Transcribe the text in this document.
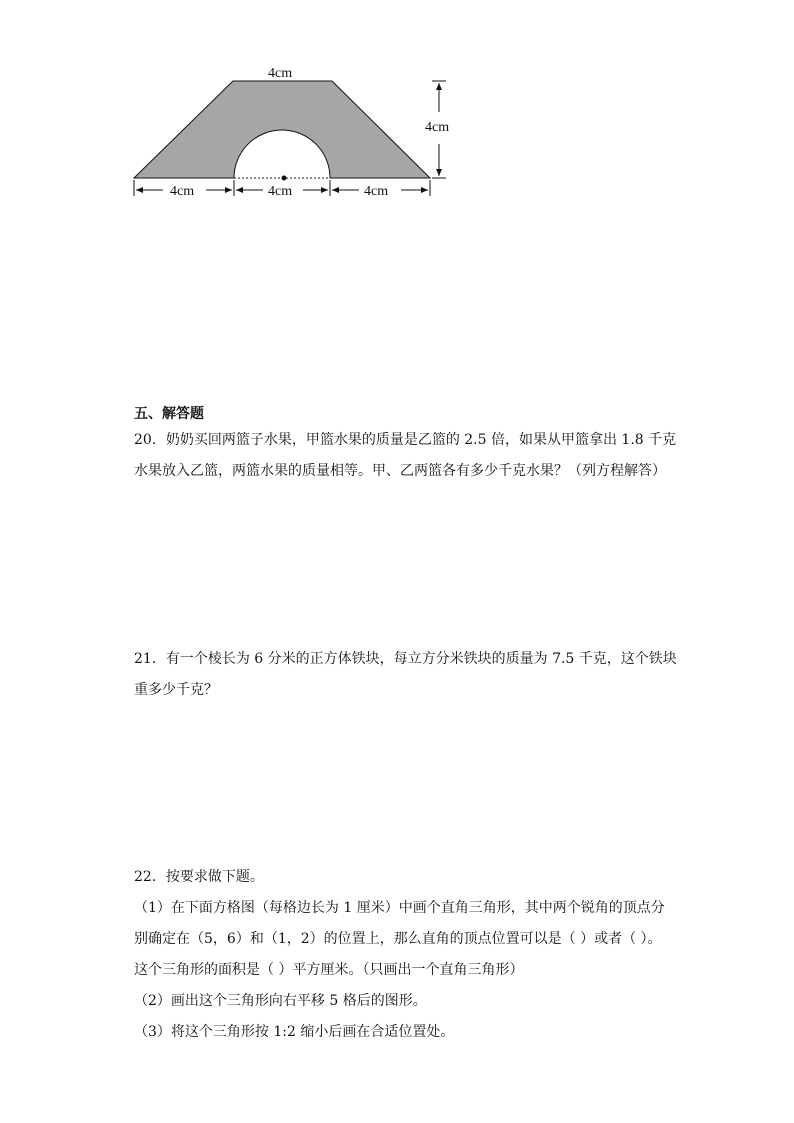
4cm
4cm
4cm	4cm	4cm
五、解答题
20．奶奶买回两篮子水果，甲篮水果的质量是乙篮的 2.5 倍，如果从甲篮拿出 1.8 千克
水果放入乙篮，两篮水果的质量相等。甲、乙两篮各有多少千克水果？（列方程解答）
21．有一个棱长为 6 分米的正方体铁块，每立方分米铁块的质量为 7.5 千克，这个铁块
重多少千克？
22．按要求做下题。
（1）在下面方格图（每格边长为 1 厘米）中画个直角三角形，其中两个锐角的顶点分
别确定在（5，6）和（1，2）的位置上，那么直角的顶点位置可以是（ ）或者（ ）。
这个三角形的面积是（ ）平方厘米。（只画出一个直角三角形）
（2）画出这个三角形向右平移 5 格后的图形。
（3）将这个三角形按 1:2 缩小后画在合适位置处。
